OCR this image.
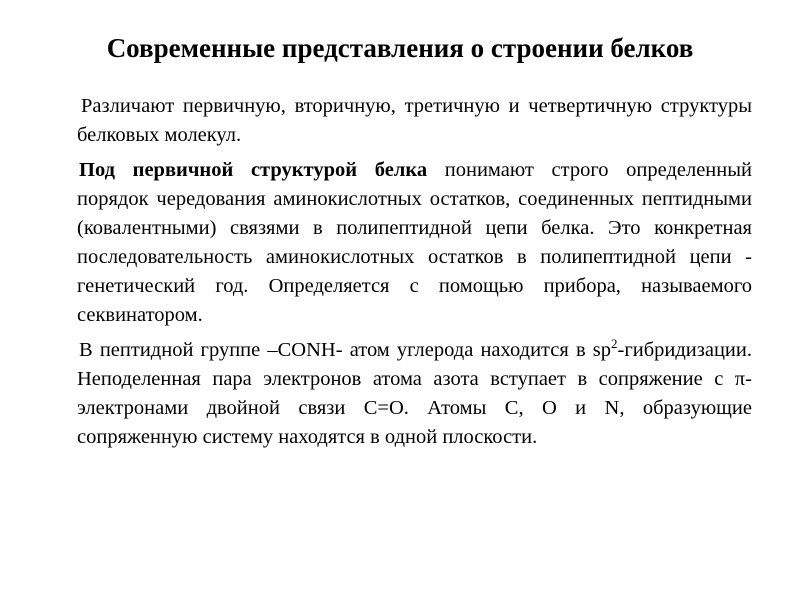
Современные представления о строении белков

Различают первичную, вторичную, третичную и четвертичную структуры белковых молекул.

Под первичной структурой белка понимают строго определенный порядок чередования аминокислотных остатков, соединенных пептидными (ковалентными) связями в полипептидной цепи белка. Это конкретная последовательность аминокислотных остатков в полипептидной цепи - генетический год. Определяется с помощью прибора, называемого секвинатором.

В пептидной группе –CONH- атом углерода находится в $sp^2$-гибридизации. Неподеленная пара электронов атома азота вступает в сопряжение с π-электронами двойной связи C=O. Атомы C, O и N, образующие сопряженную систему находятся в одной плоскости.
